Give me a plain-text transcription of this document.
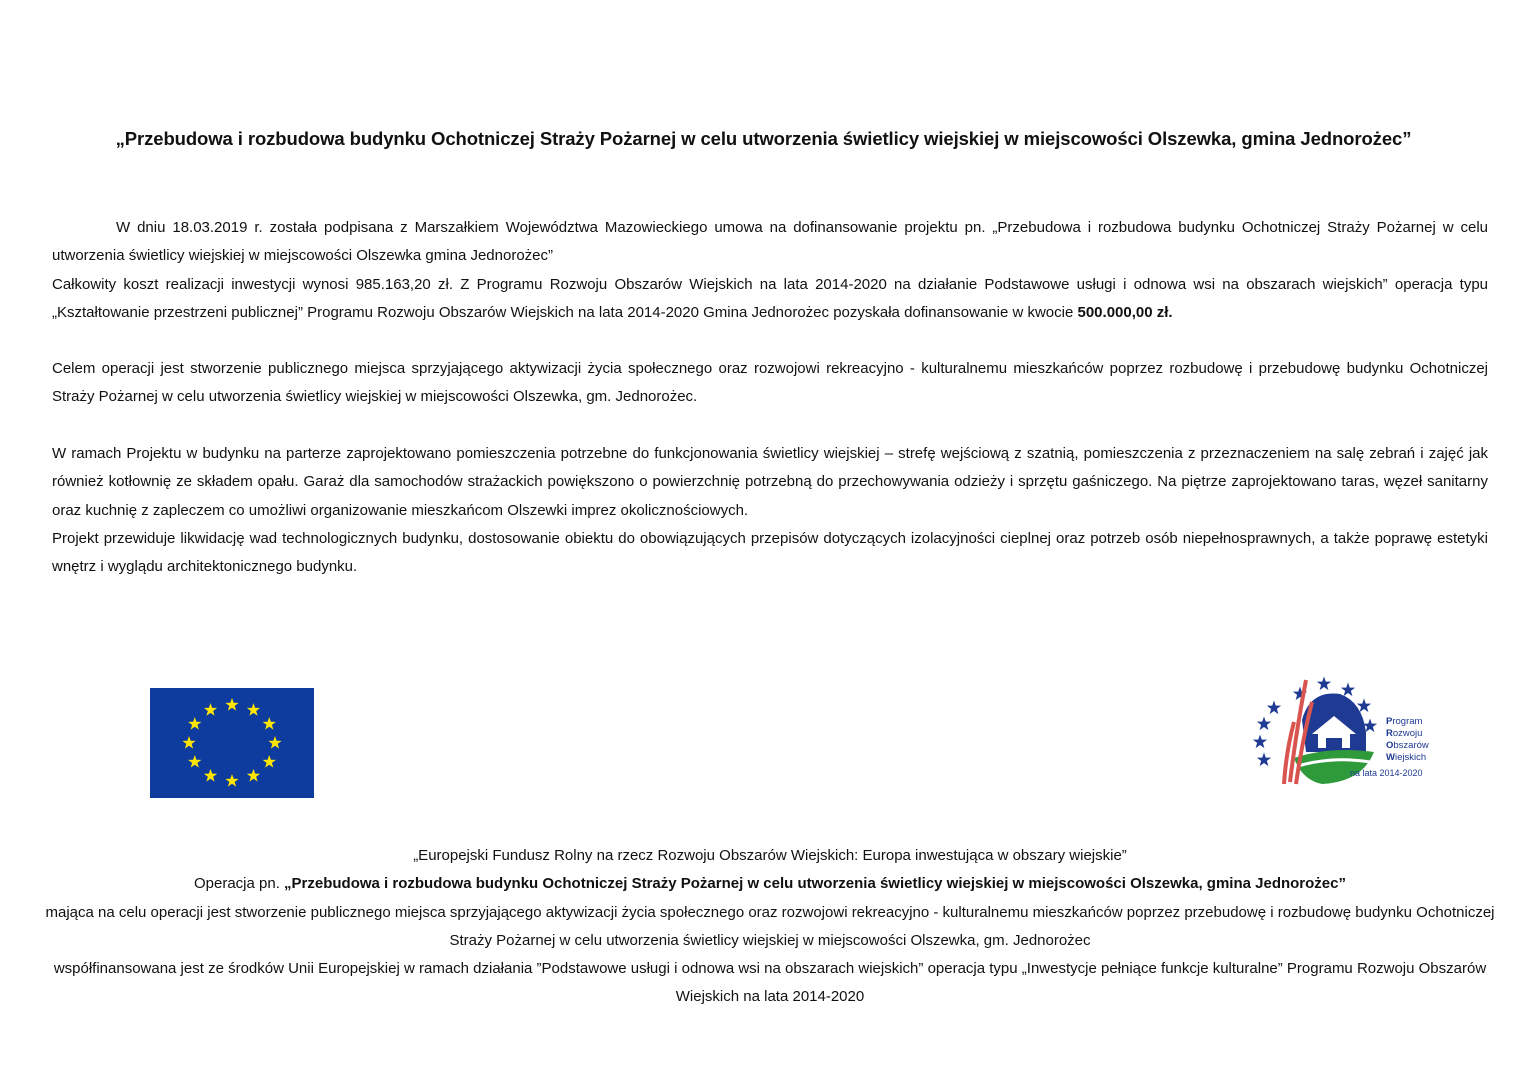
„Przebudowa i rozbudowa budynku Ochotniczej Straży Pożarnej w celu utworzenia świetlicy wiejskiej w miejscowości Olszewka, gmina Jednorożec”

W dniu 18.03.2019 r. została podpisana z Marszałkiem Województwa Mazowieckiego umowa na dofinansowanie projektu pn. „Przebudowa i rozbudowa budynku Ochotniczej Straży Pożarnej w celu utworzenia świetlicy wiejskiej w miejscowości Olszewka gmina Jednorożec”

Całkowity koszt realizacji inwestycji wynosi 985.163,20 zł. Z Programu Rozwoju Obszarów Wiejskich na lata 2014-2020 na działanie Podstawowe usługi i odnowa wsi na obszarach wiejskich” operacja typu „Kształtowanie przestrzeni publicznej” Programu Rozwoju Obszarów Wiejskich na lata 2014-2020 Gmina Jednorożec pozyskała dofinansowanie w kwocie 500.000,00 zł.

Celem operacji jest stworzenie publicznego miejsca sprzyjającego aktywizacji życia społecznego oraz rozwojowi rekreacyjno - kulturalnemu mieszkańców poprzez rozbudowę i przebudowę budynku Ochotniczej Straży Pożarnej w celu utworzenia świetlicy wiejskiej w miejscowości Olszewka, gm. Jednorożec.

W ramach Projektu w budynku na parterze zaprojektowano pomieszczenia potrzebne do funkcjonowania świetlicy wiejskiej – strefę wejściową z szatnią, pomieszczenia z przeznaczeniem na salę zebrań i zajęć jak również kotłownię ze składem opału. Garaż dla samochodów strażackich powiększono o powierzchnię potrzebną do przechowywania odzieży i sprzętu gaśniczego. Na piętrze zaprojektowano taras, węzeł sanitarny oraz kuchnię z zapleczem co umożliwi organizowanie mieszkańcom Olszewki imprez okolicznościowych.

Projekt przewiduje likwidację wad technologicznych budynku, dostosowanie obiektu do obowiązujących przepisów dotyczących izolacyjności cieplnej oraz potrzeb osób niepełnosprawnych, a także poprawę estetyki wnętrz i wyglądu architektonicznego budynku.

Program
Rozwoju
Obszarów
Wiejskich
na lata 2014-2020

„Europejski Fundusz Rolny na rzecz Rozwoju Obszarów Wiejskich: Europa inwestująca w obszary wiejskie”

Operacja pn. „Przebudowa i rozbudowa budynku Ochotniczej Straży Pożarnej w celu utworzenia świetlicy wiejskiej w miejscowości Olszewka, gmina Jednorożec”

mająca na celu operacji jest stworzenie publicznego miejsca sprzyjającego aktywizacji życia społecznego oraz rozwojowi rekreacyjno - kulturalnemu mieszkańców poprzez przebudowę i rozbudowę budynku Ochotniczej Straży Pożarnej w celu utworzenia świetlicy wiejskiej w miejscowości Olszewka, gm. Jednorożec

współfinansowana jest ze środków Unii Europejskiej w ramach działania ”Podstawowe usługi i odnowa wsi na obszarach wiejskich” operacja typu „Inwestycje pełniące funkcje kulturalne” Programu Rozwoju Obszarów Wiejskich na lata 2014-2020
